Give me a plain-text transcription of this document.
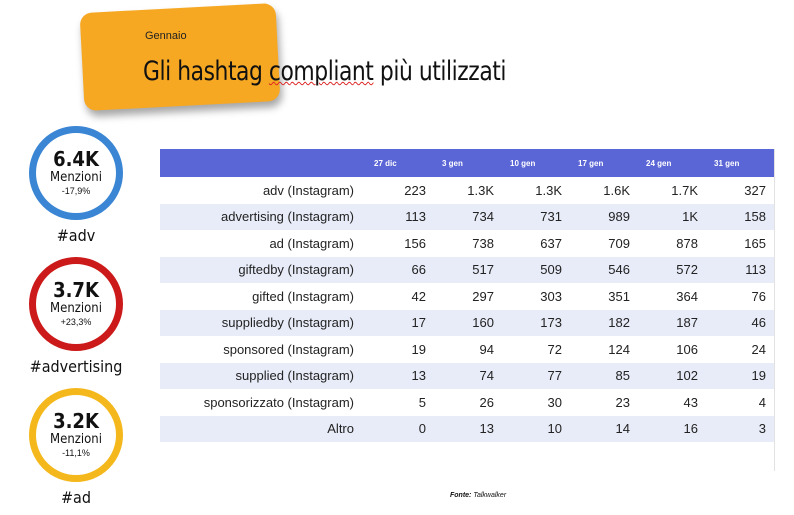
Gennaio
Gli hashtag compliant più utilizzati
6.4K
Menzioni
-17,9%
#adv
3.7K
Menzioni
+23,3%
#advertising
3.2K
Menzioni
-11,1%
#ad
	27 dic	3 gen	10 gen	17 gen	24 gen	31 gen
adv (Instagram)	223	1.3K	1.3K	1.6K	1.7K	327
advertising (Instagram)	113	734	731	989	1K	158
ad (Instagram)	156	738	637	709	878	165
giftedby (Instagram)	66	517	509	546	572	113
gifted (Instagram)	42	297	303	351	364	76
suppliedby (Instagram)	17	160	173	182	187	46
sponsored (Instagram)	19	94	72	124	106	24
supplied (Instagram)	13	74	77	85	102	19
sponsorizzato (Instagram)	5	26	30	23	43	4
Altro	0	13	10	14	16	3
Fonte: Talkwalker
